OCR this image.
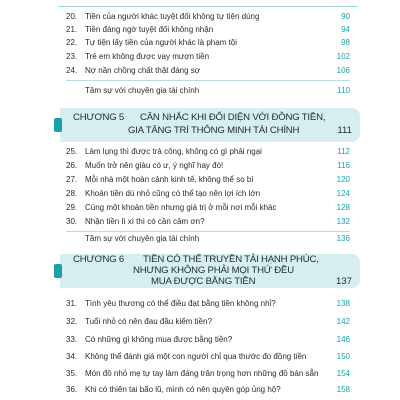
20. Tiền của người khác tuyệt đối không tự tiện dùng	90
21. Tiền đáng ngờ tuyệt đối không nhận	94
22. Tự tiện lấy tiền của người khác là phạm tội	98
23. Trẻ em không được vay mượn tiền	102
24. Nợ nần chồng chất thật đáng sợ	106
Tâm sự với chuyên gia tài chính	110
CHƯƠNG 5 CÂN NHẮC KHI ĐỐI DIỆN VỚI ĐỒNG TIỀN,
GIA TĂNG TRÍ THÔNG MINH TÀI CHÍNH	111
25. Làm lụng thì được trả công, không có gì phải ngại	112
26. Muốn trở nên giàu có ư, ý nghĩ hay đó!	116
27. Mỗi nhà một hoàn cảnh kinh tế, không thể so bì	120
28. Khoản tiền dù nhỏ cũng có thể tạo nên lợi ích lớn	124
29. Cùng một khoản tiền nhưng giá trị ở mỗi nơi mỗi khác	128
30. Nhận tiền lì xì thì có cần cảm ơn?	132
Tâm sự với chuyên gia tài chính	136
CHƯƠNG 6 TIỀN CÓ THỂ TRUYỀN TẢI HẠNH PHÚC,
NHƯNG KHÔNG PHẢI MỌI THỨ ĐỀU
MUA ĐƯỢC BẰNG TIỀN	137
31. Tình yêu thương có thể điều đạt bằng tiền không nhỉ?	138
32. Tuổi nhỏ có nên đau đầu kiếm tiền?	142
33. Có những gì không mua được bằng tiền?	146
34. Không thể đánh giá một con người chỉ qua thước đo đồng tiền	150
35. Món đồ nhỏ mẹ tự tay làm đáng trân trọng hơn những đồ bán sẵn 154
36. Khi có thiên tai bão lũ, mình có nên quyên góp ủng hộ?	158
